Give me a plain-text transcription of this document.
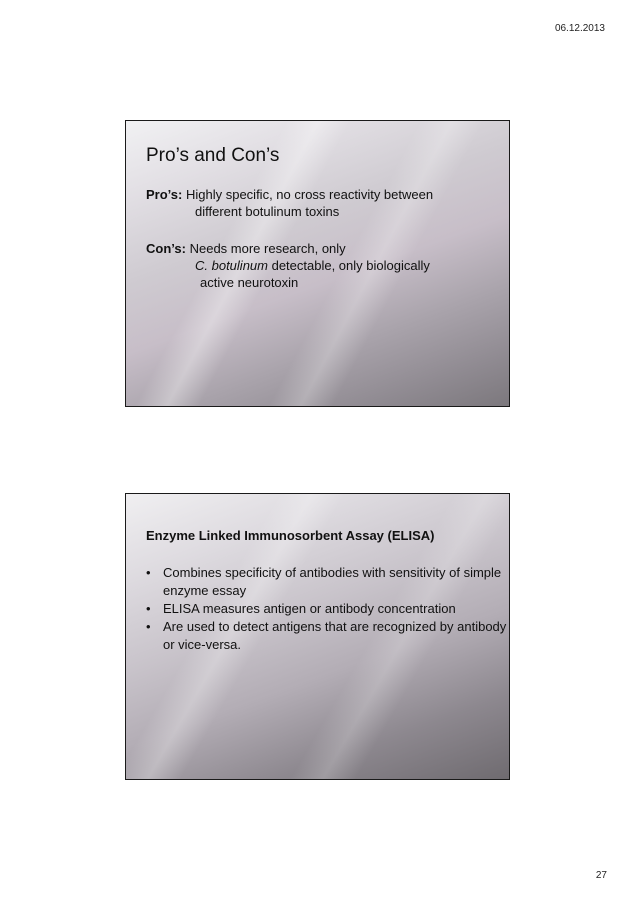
06.12.2013
Pro’s and Con’s
Pro’s: Highly specific, no cross reactivity between
different botulinum toxins
Con’s: Needs more research, only
C. botulinum detectable, only biologically
active neurotoxin
Enzyme Linked Immunosorbent Assay (ELISA)
• Combines specificity of antibodies with sensitivity of simple enzyme essay
• ELISA measures antigen or antibody concentration
• Are used to detect antigens that are recognized by antibody or vice-versa.
27
